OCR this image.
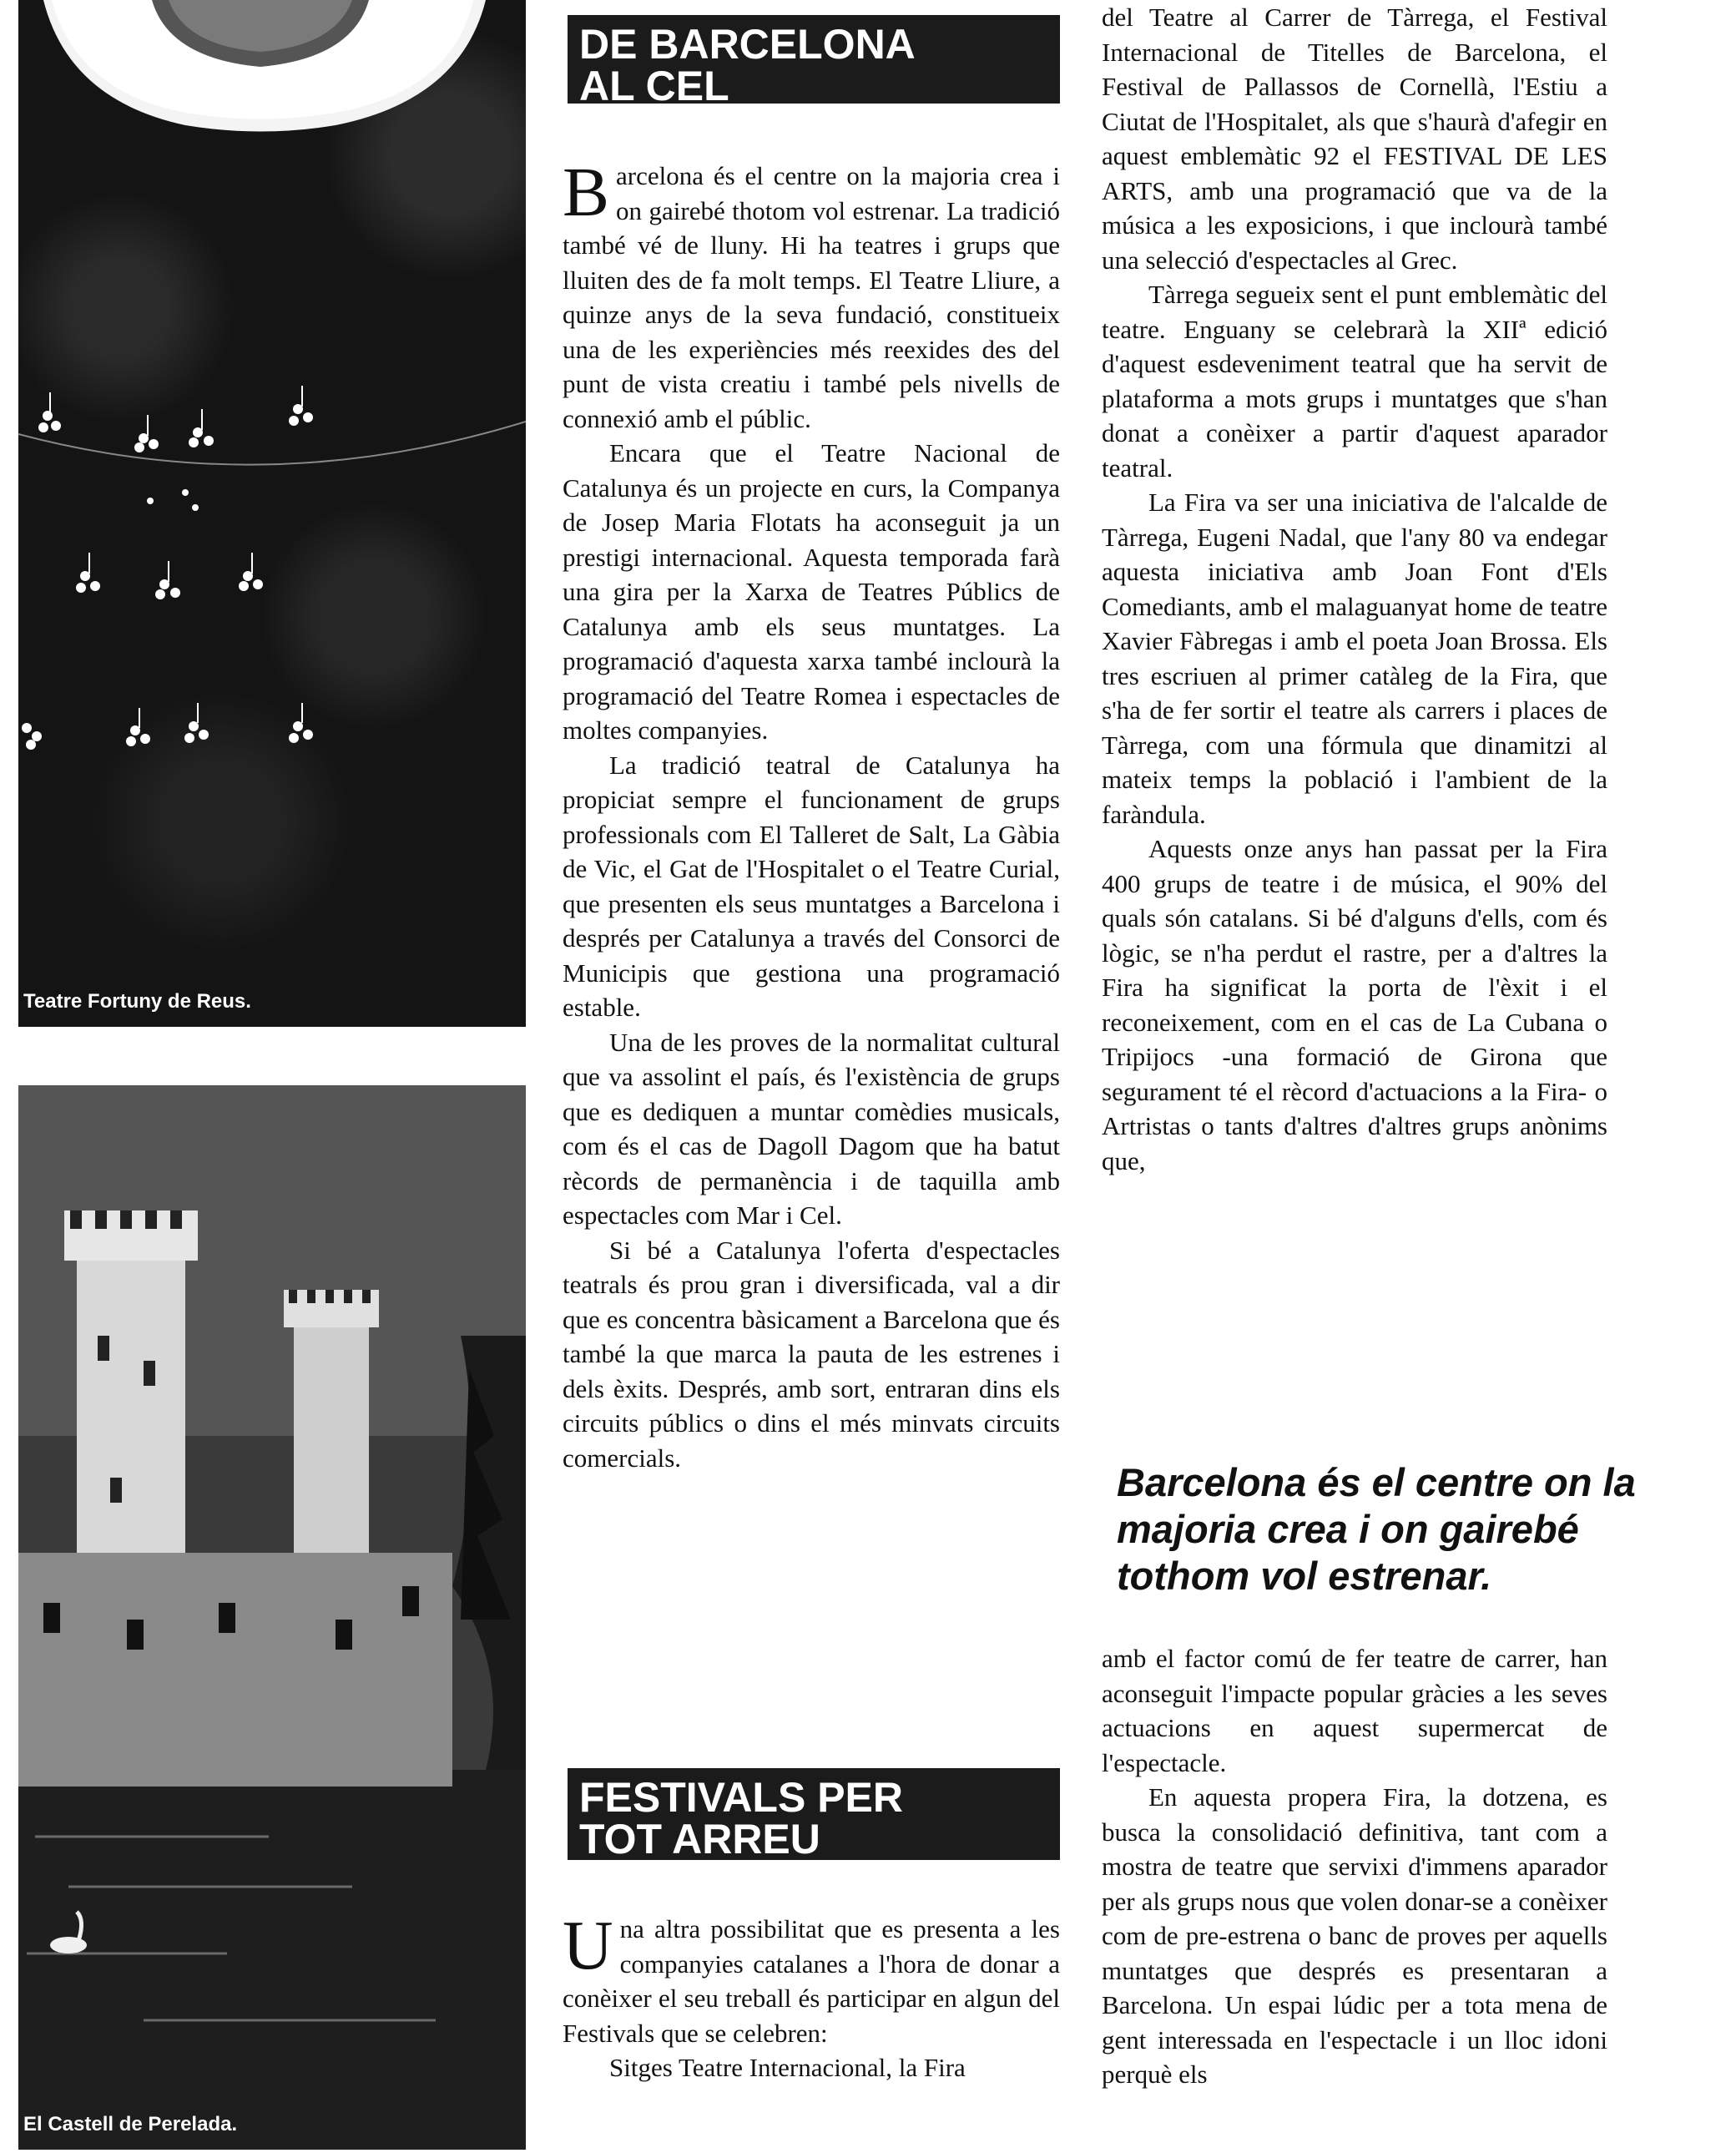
Teatre Fortuny de Reus.
El Castell de Perelada.
DE BARCELONA
AL CEL

Barcelona és el centre on la majoria crea i on gairebé thotom vol estrenar. La tradició també vé de lluny. Hi ha teatres i grups que lluiten des de fa molt temps. El Teatre Lliure, a quinze anys de la seva fundació, constitueix una de les experiències més reexides des del punt de vista creatiu i també pels nivells de connexió amb el públic.

Encara que el Teatre Nacional de Catalunya és un projecte en curs, la Companya de Josep Maria Flotats ha aconseguit ja un prestigi internacional. Aquesta temporada farà una gira per la Xarxa de Teatres Públics de Catalunya amb els seus muntatges. La programació d'aquesta xarxa també inclourà la programació del Teatre Romea i espectacles de moltes companyies.

La tradició teatral de Catalunya ha propiciat sempre el funcionament de grups professionals com El Talleret de Salt, La Gàbia de Vic, el Gat de l'Hospitalet o el Teatre Curial, que presenten els seus muntatges a Barcelona i després per Catalunya a través del Consorci de Municipis que gestiona una programació estable.

Una de les proves de la normalitat cultural que va assolint el país, és l'existència de grups que es dediquen a muntar comèdies musicals, com és el cas de Dagoll Dagom que ha batut rècords de permanència i de taquilla amb espectacles com Mar i Cel.

Si bé a Catalunya l'oferta d'espectacles teatrals és prou gran i diversificada, val a dir que es concentra bàsicament a Barcelona que és també la que marca la pauta de les estrenes i dels èxits. Després, amb sort, entraran dins els circuits públics o dins el més minvats circuits comercials.

FESTIVALS PER
TOT ARREU

Una altra possibilitat que es presenta a les companyies catalanes a l'hora de donar a conèixer el seu treball és participar en algun del Festivals que se celebren:

Sitges Teatre Internacional, la Fira

del Teatre al Carrer de Tàrrega, el Festival Internacional de Titelles de Barcelona, el Festival de Pallassos de Cornellà, l'Estiu a Ciutat de l'Hospitalet, als que s'haurà d'afegir en aquest emblemàtic 92 el FESTIVAL DE LES ARTS, amb una programació que va de la música a les exposicions, i que inclourà també una selecció d'espectacles al Grec.

Tàrrega segueix sent el punt emblemàtic del teatre. Enguany se celebrarà la XIIª edició d'aquest esdeveniment teatral que ha servit de plataforma a mots grups i muntatges que s'han donat a conèixer a partir d'aquest aparador teatral.

La Fira va ser una iniciativa de l'alcalde de Tàrrega, Eugeni Nadal, que l'any 80 va endegar aquesta iniciativa amb Joan Font d'Els Comediants, amb el malaguanyat home de teatre Xavier Fàbregas i amb el poeta Joan Brossa. Els tres escriuen al primer catàleg de la Fira, que s'ha de fer sortir el teatre als carrers i places de Tàrrega, com una fórmula que dinamitzi al mateix temps la població i l'ambient de la faràndula.

Aquests onze anys han passat per la Fira 400 grups de teatre i de música, el 90% del quals són catalans. Si bé d'alguns d'ells, com és lògic, se n'ha perdut el rastre, per a d'altres la Fira ha significat la porta de l'èxit i el reconeixement, com en el cas de La Cubana o Tripijocs -una formació de Girona que segurament té el rècord d'actuacions a la Fira- o Artristas o tants d'altres d'altres grups anònims que,

Barcelona és el centre on la majoria crea i on gairebé tothom vol estrenar.

amb el factor comú de fer teatre de carrer, han aconseguit l'impacte popular gràcies a les seves actuacions en aquest supermercat de l'espectacle.

En aquesta propera Fira, la dotzena, es busca la consolidació definitiva, tant com a mostra de teatre que servixi d'immens aparador per als grups nous que volen donar-se a conèixer com de pre-estrena o banc de proves per aquells muntatges que després es presentaran a Barcelona. Un espai lúdic per a tota mena de gent interessada en l'espectacle i un lloc idoni perquè els
